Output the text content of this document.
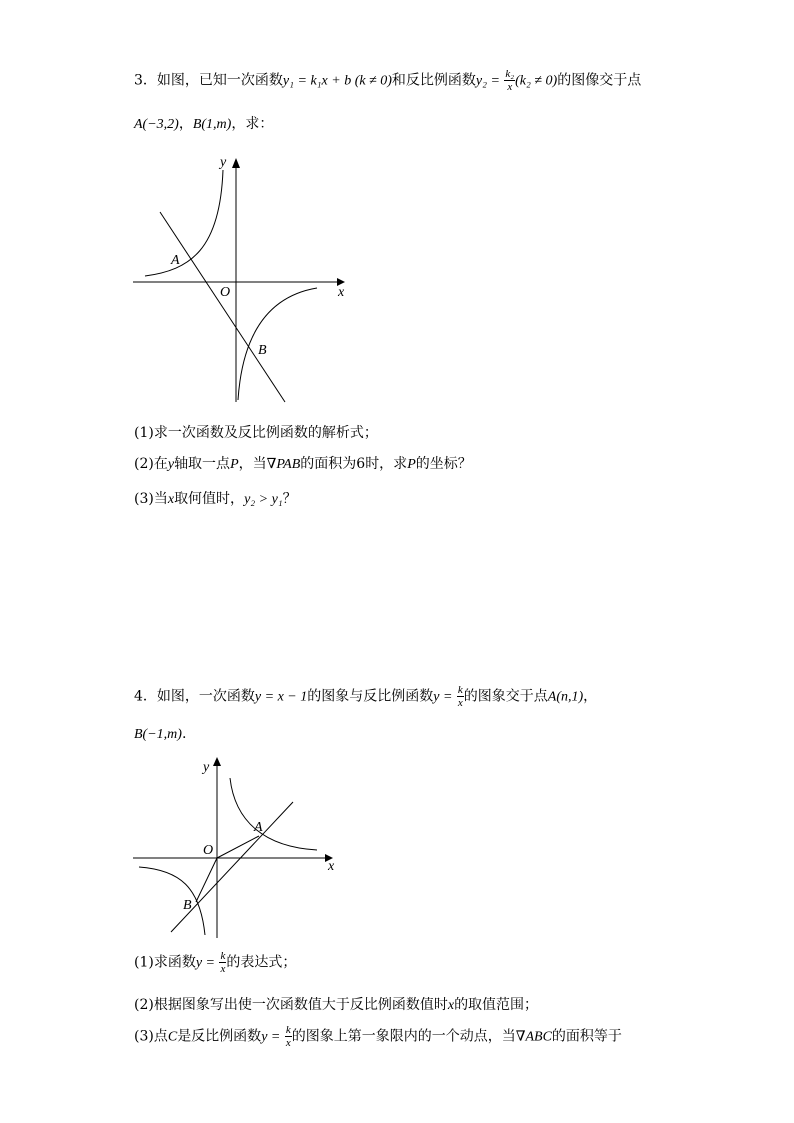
3．如图，已知一次函数y₁ = k₁x + b (k ≠ 0)和反比例函数$y_2 = \frac{\text{k₂}}{x} (k_2 \ne 0)$的图像交于点
A(−3,2)，B(1,m)，求：
y
x
O
A
B
(1)求一次函数及反比例函数的解析式；
(2)在y轴取一点P，当∇PAB的面积为6时，求P的坐标？
(3)当x取何值时，y₂ > y₁？
4．如图，一次函数y = x − 1的图象与反比例函数$y = \frac{k}{x}$ 的图象交于点A(n,1)，
B(−1,m).
y
x
O
A
B
(1)求函数$y = \frac{k}{x}$ 的表达式；
(2)根据图象写出使一次函数值大于反比例函数值时x的取值范围；
(3)点C是反比例函数$y = \frac{k}{x}$ 的图象上第一象限内的一个动点，当∇ABC的面积等于
